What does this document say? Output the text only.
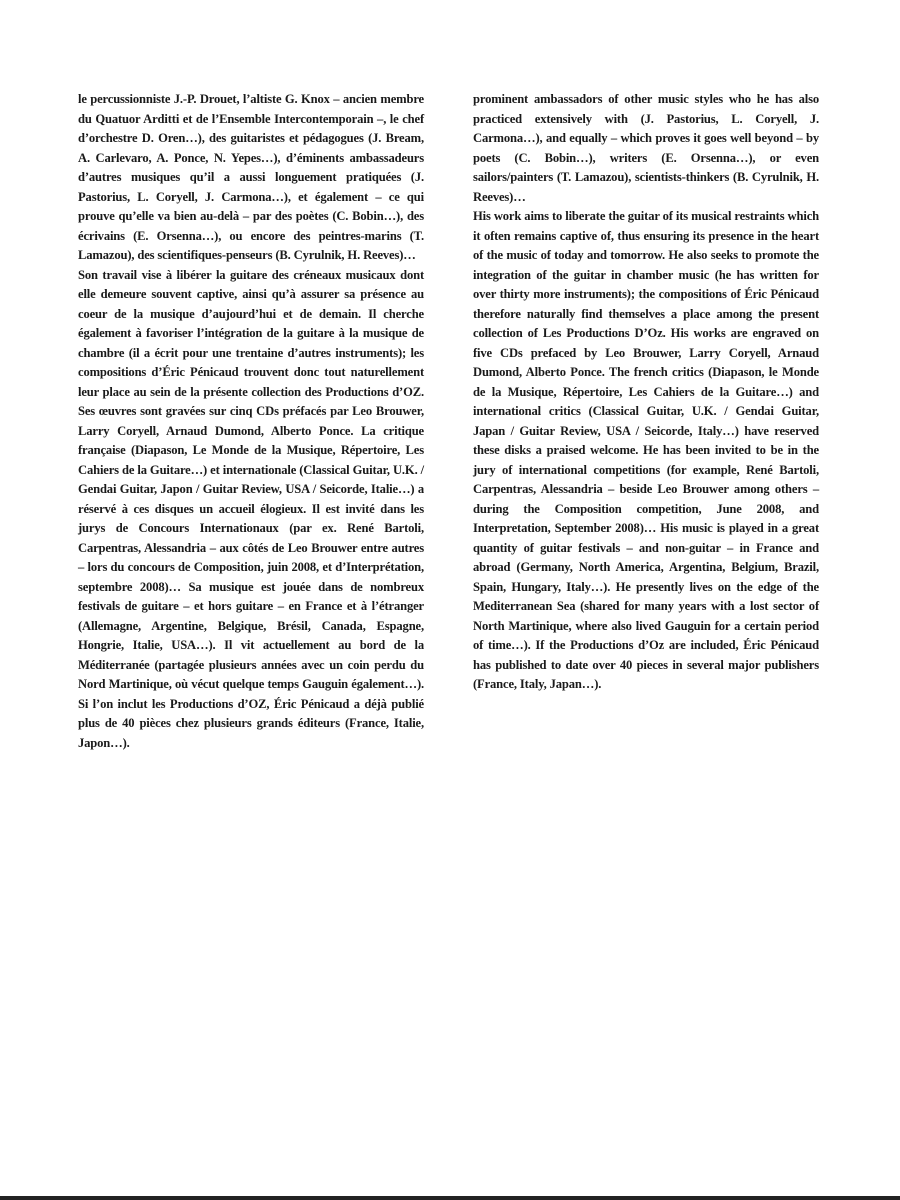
le percussionniste J.-P. Drouet, l’altiste G. Knox – ancien membre du Quatuor Arditti et de l’Ensemble Intercontemporain –, le chef d’orchestre D. Oren…), des guitaristes et pédagogues (J. Bream, A. Carlevaro, A. Ponce, N. Yepes…), d’éminents ambassadeurs d’autres musiques qu’il a aussi longuement pratiquées (J. Pastorius, L. Coryell, J. Carmona…), et également – ce qui prouve qu’elle va bien au-delà – par des poètes (C. Bobin…), des écrivains (E. Orsenna…), ou encore des peintres-marins (T. Lamazou), des scientifiques-penseurs (B. Cyrulnik, H. Reeves)…

Son travail vise à libérer la guitare des créneaux musicaux dont elle demeure souvent captive, ainsi qu’à assurer sa présence au coeur de la musique d’aujourd’hui et de demain. Il cherche également à favoriser l’intégration de la guitare à la musique de chambre (il a écrit pour une trentaine d’autres instruments); les compositions d’Éric Pénicaud trouvent donc tout naturellement leur place au sein de la présente collection des Productions d’OZ. Ses œuvres sont gravées sur cinq CDs préfacés par Leo Brouwer, Larry Coryell, Arnaud Dumond, Alberto Ponce. La critique française (Diapason, Le Monde de la Musique, Répertoire, Les Cahiers de la Guitare…) et internationale (Classical Guitar, U.K. / Gendai Guitar, Japon / Guitar Review, USA / Seicorde, Italie…) a réservé à ces disques un accueil élogieux. Il est invité dans les jurys de Concours Internationaux (par ex. René Bartoli, Carpentras, Alessandria – aux côtés de Leo Brouwer entre autres – lors du concours de Composition, juin 2008, et d’Interprétation, septembre 2008)… Sa musique est jouée dans de nombreux festivals de guitare – et hors guitare – en France et à l’étranger (Allemagne, Argentine, Belgique, Brésil, Canada, Espagne, Hongrie, Italie, USA…). Il vit actuellement au bord de la Méditerranée (partagée plusieurs années avec un coin perdu du Nord Martinique, où vécut quelque temps Gauguin également…). Si l’on inclut les Productions d’OZ, Éric Pénicaud a déjà publié plus de 40 pièces chez plusieurs grands éditeurs (France, Italie, Japon…).

prominent ambassadors of other music styles who he has also practiced extensively with (J. Pastorius, L. Coryell, J. Carmona…), and equally – which proves it goes well beyond – by poets (C. Bobin…), writers (E. Orsenna…), or even sailors/painters (T. Lamazou), scientists-thinkers (B. Cyrulnik, H. Reeves)…

His work aims to liberate the guitar of its musical restraints which it often remains captive of, thus ensuring its presence in the heart of the music of today and tomorrow. He also seeks to promote the integration of the guitar in chamber music (he has written for over thirty more instruments); the compositions of Éric Pénicaud therefore naturally find themselves a place among the present collection of Les Productions D’Oz. His works are engraved on five CDs prefaced by Leo Brouwer, Larry Coryell, Arnaud Dumond, Alberto Ponce. The french critics (Diapason, le Monde de la Musique, Répertoire, Les Cahiers de la Guitare…) and international critics (Classical Guitar, U.K. / Gendai Guitar, Japan / Guitar Review, USA / Seicorde, Italy…) have reserved these disks a praised welcome. He has been invited to be in the jury of international competitions (for example, René Bartoli, Carpentras, Alessandria – beside Leo Brouwer among others – during the Composition competition, June 2008, and Interpretation, September 2008)… His music is played in a great quantity of guitar festivals – and non-guitar – in France and abroad (Germany, North America, Argentina, Belgium, Brazil, Spain, Hungary, Italy…). He presently lives on the edge of the Mediterranean Sea (shared for many years with a lost sector of North Martinique, where also lived Gauguin for a certain period of time…). If the Productions d’Oz are included, Éric Pénicaud has published to date over 40 pieces in several major publishers (France, Italy, Japan…).
